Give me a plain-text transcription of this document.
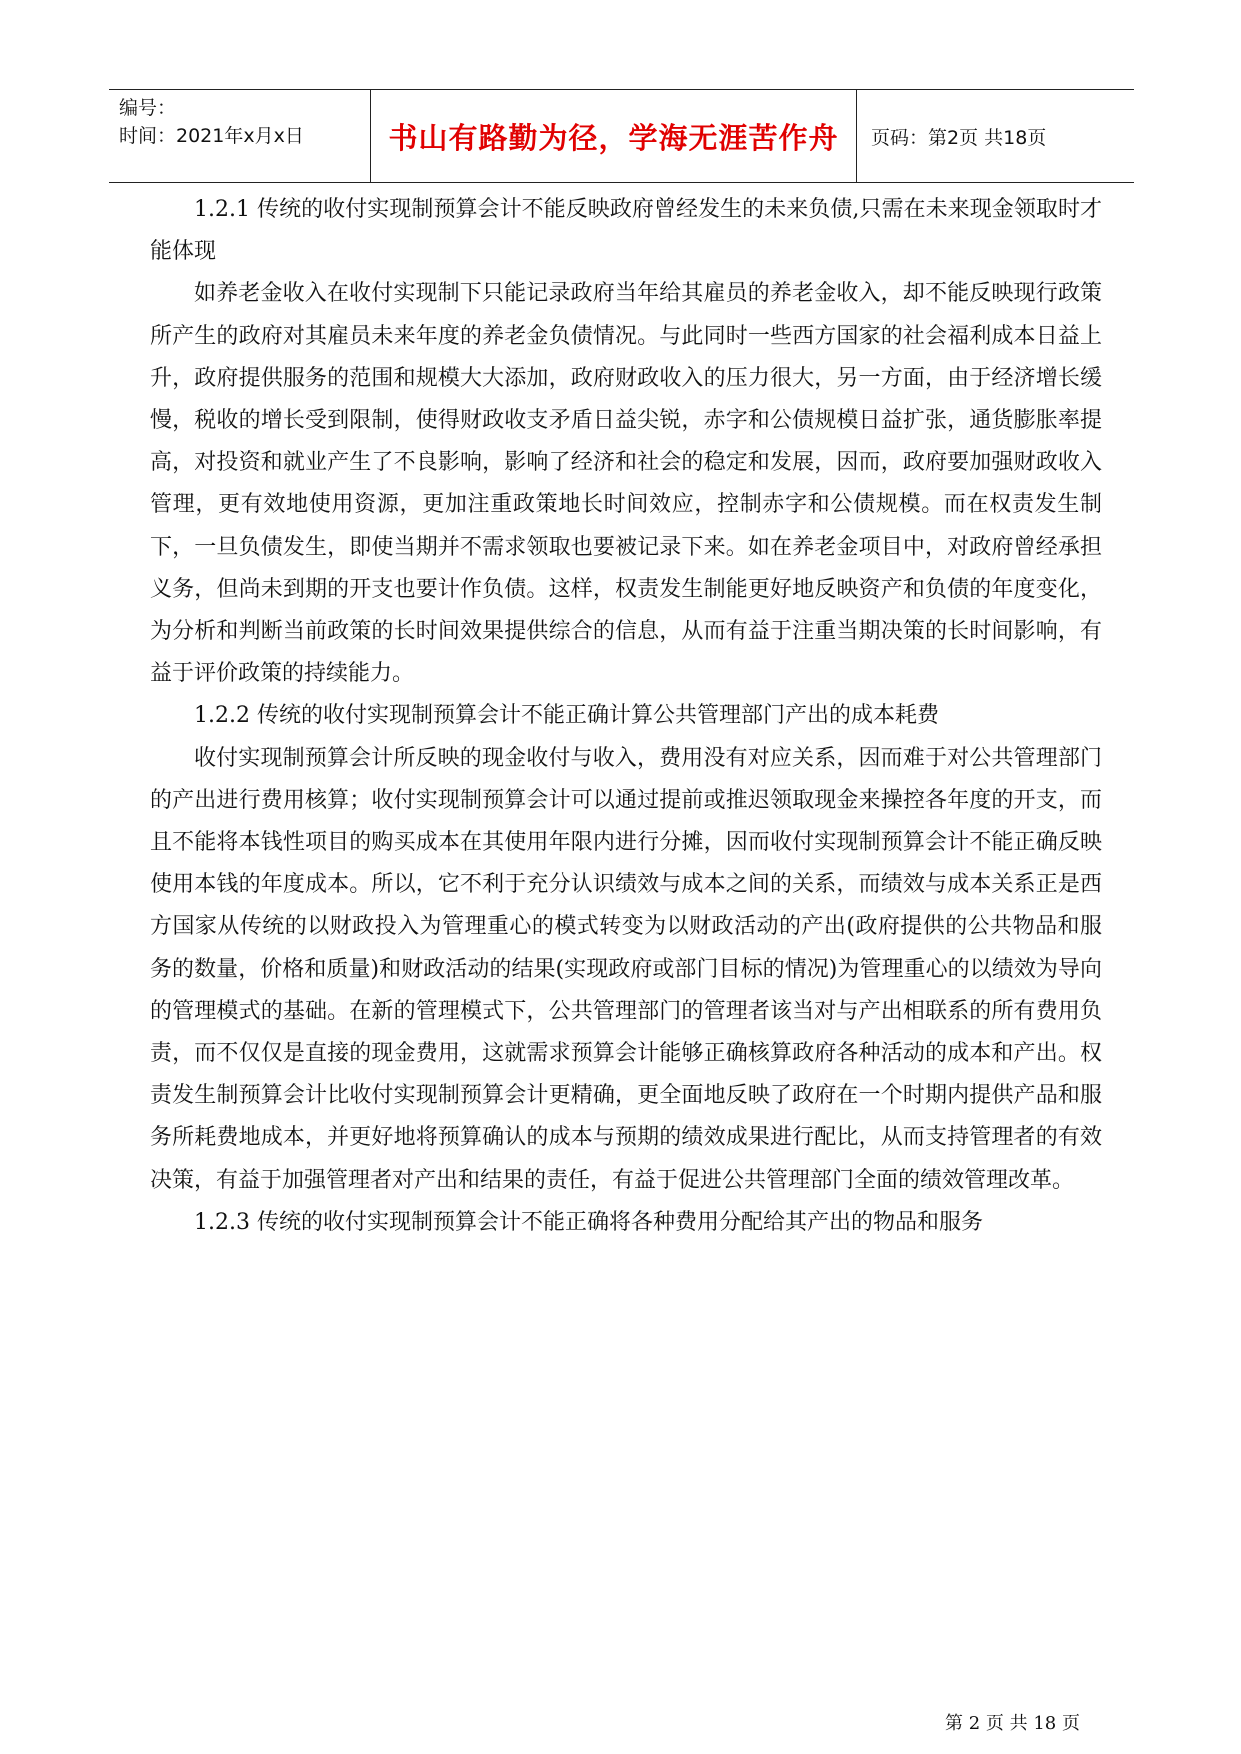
编号：
时间：2021年x月x日	书山有路勤为径，学海无涯苦作舟 页码：第2页 共18页

1.2.1 传统的收付实现制预算会计不能反映政府曾经发生的未来负债,只需在未来现金领取时才能体现

如养老金收入在收付实现制下只能记录政府当年给其雇员的养老金收入，却不能反映现行政策所产生的政府对其雇员未来年度的养老金负债情况。与此同时一些西方国家的社会福利成本日益上升，政府提供服务的范围和规模大大添加，政府财政收入的压力很大，另一方面，由于经济增长缓慢，税收的增长受到限制，使得财政收支矛盾日益尖锐，赤字和公债规模日益扩张，通货膨胀率提高，对投资和就业产生了不良影响，影响了经济和社会的稳定和发展，因而，政府要加强财政收入管理，更有效地使用资源，更加注重政策地长时间效应，控制赤字和公债规模。而在权责发生制下，一旦负债发生，即使当期并不需求领取也要被记录下来。如在养老金项目中，对政府曾经承担义务，但尚未到期的开支也要计作负债。这样，权责发生制能更好地反映资产和负债的年度变化，为分析和判断当前政策的长时间效果提供综合的信息，从而有益于注重当期决策的长时间影响，有益于评价政策的持续能力。

1.2.2 传统的收付实现制预算会计不能正确计算公共管理部门产出的成本耗费

收付实现制预算会计所反映的现金收付与收入，费用没有对应关系，因而难于对公共管理部门的产出进行费用核算；收付实现制预算会计可以通过提前或推迟领取现金来操控各年度的开支，而且不能将本钱性项目的购买成本在其使用年限内进行分摊，因而收付实现制预算会计不能正确反映使用本钱的年度成本。所以，它不利于充分认识绩效与成本之间的关系，而绩效与成本关系正是西方国家从传统的以财政投入为管理重心的模式转变为以财政活动的产出(政府提供的公共物品和服务的数量，价格和质量)和财政活动的结果(实现政府或部门目标的情况)为管理重心的以绩效为导向的管理模式的基础。在新的管理模式下，公共管理部门的管理者该当对与产出相联系的所有费用负责，而不仅仅是直接的现金费用，这就需求预算会计能够正确核算政府各种活动的成本和产出。权责发生制预算会计比收付实现制预算会计更精确，更全面地反映了政府在一个时期内提供产品和服务所耗费地成本，并更好地将预算确认的成本与预期的绩效成果进行配比，从而支持管理者的有效决策，有益于加强管理者对产出和结果的责任，有益于促进公共管理部门全面的绩效管理改革。

1.2.3 传统的收付实现制预算会计不能正确将各种费用分配给其产出的物品和服务

第 2 页 共 18 页
